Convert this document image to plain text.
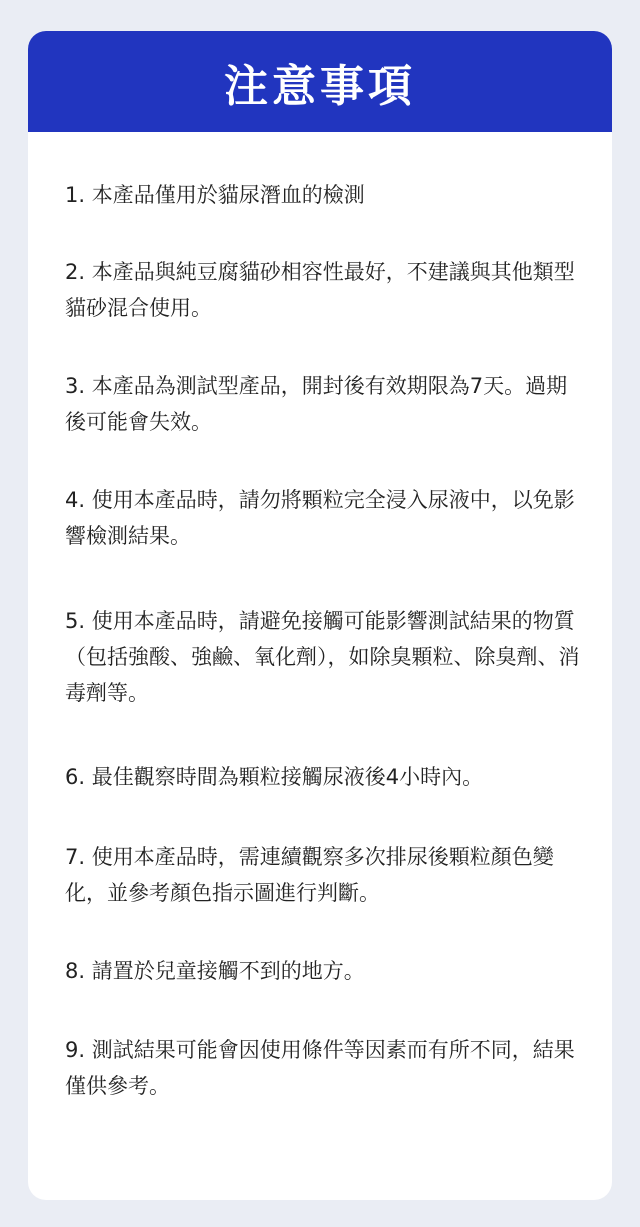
注意事項
1. 本產品僅用於貓尿潛血的檢測
2. 本產品與純豆腐貓砂相容性最好，不建議與其他類型貓砂混合使用。
3. 本產品為測試型產品，開封後有效期限為7天。過期後可能會失效。
4. 使用本產品時，請勿將顆粒完全浸入尿液中，以免影響檢測結果。
5. 使用本產品時，請避免接觸可能影響測試結果的物質（包括強酸、強鹼、氧化劑），如除臭顆粒、除臭劑、消毒劑等。
6. 最佳觀察時間為顆粒接觸尿液後4小時內。
7. 使用本產品時，需連續觀察多次排尿後顆粒顏色變化，並參考顏色指示圖進行判斷。
8. 請置於兒童接觸不到的地方。
9. 測試結果可能會因使用條件等因素而有所不同，結果僅供參考。
